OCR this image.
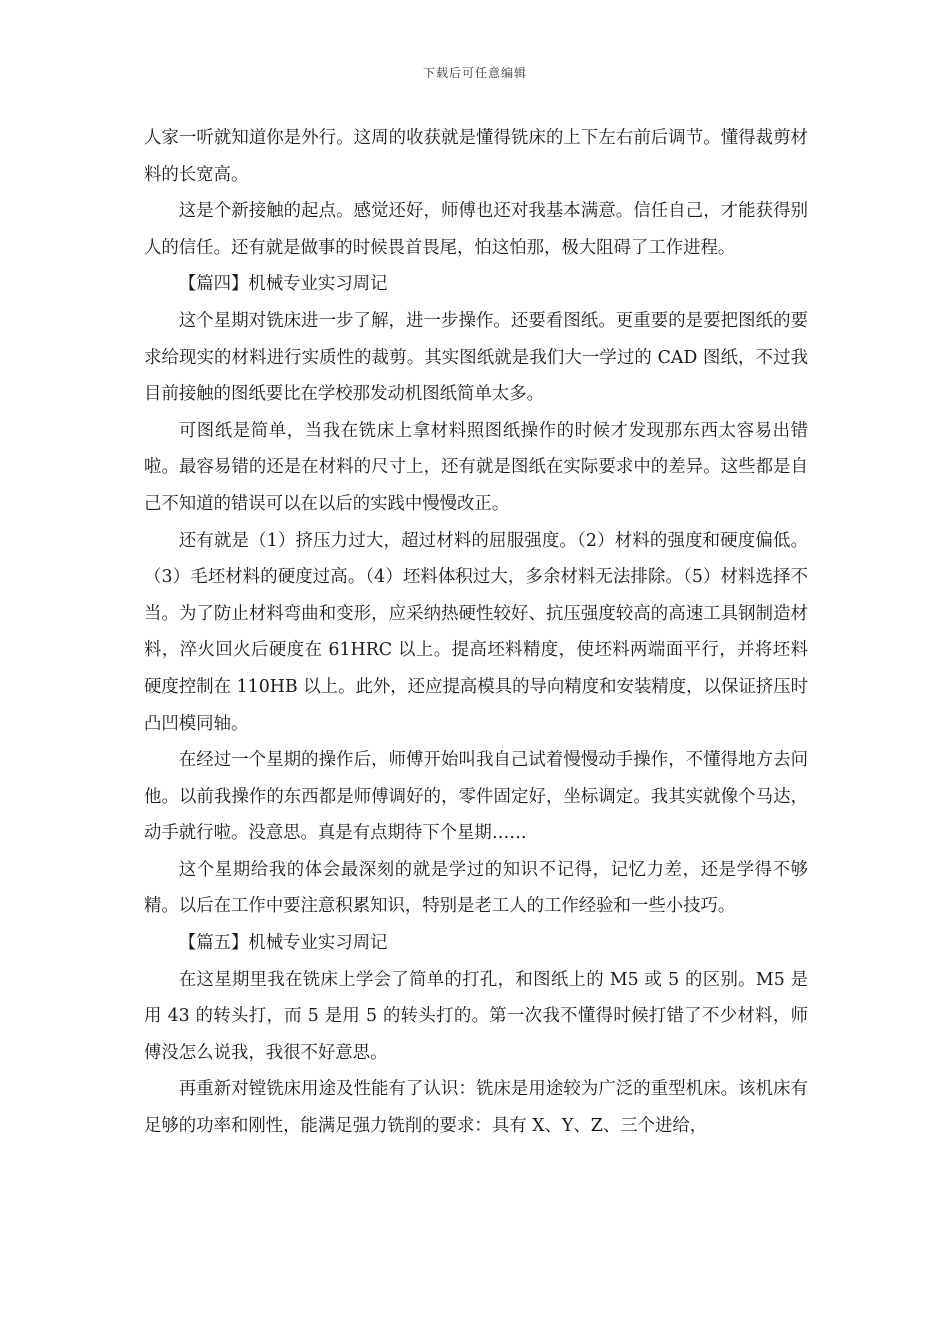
下载后可任意编辑

人家一听就知道你是外行。这周的收获就是懂得铣床的上下左右前后调节。懂得裁剪材料的长宽高。

这是个新接触的起点。感觉还好，师傅也还对我基本满意。信任自己，才能获得别人的信任。还有就是做事的时候畏首畏尾，怕这怕那，极大阻碍了工作进程。

【篇四】机械专业实习周记

这个星期对铣床进一步了解，进一步操作。还要看图纸。更重要的是要把图纸的要求给现实的材料进行实质性的裁剪。其实图纸就是我们大一学过的 CAD 图纸，不过我目前接触的图纸要比在学校那发动机图纸简单太多。

可图纸是简单，当我在铣床上拿材料照图纸操作的时候才发现那东西太容易出错啦。最容易错的还是在材料的尺寸上，还有就是图纸在实际要求中的差异。这些都是自己不知道的错误可以在以后的实践中慢慢改正。

还有就是（1）挤压力过大，超过材料的屈服强度。（2）材料的强度和硬度偏低。（3）毛坯材料的硬度过高。（4）坯料体积过大，多余材料无法排除。（5）材料选择不当。为了防止材料弯曲和变形，应采纳热硬性较好、抗压强度较高的高速工具钢制造材料，淬火回火后硬度在 61HRC 以上。提高坯料精度，使坯料两端面平行，并将坯料硬度控制在 110HB 以上。此外，还应提高模具的导向精度和安装精度，以保证挤压时凸凹模同轴。

在经过一个星期的操作后，师傅开始叫我自己试着慢慢动手操作，不懂得地方去问他。以前我操作的东西都是师傅调好的，零件固定好，坐标调定。我其实就像个马达，动手就行啦。没意思。真是有点期待下个星期……

这个星期给我的体会最深刻的就是学过的知识不记得，记忆力差，还是学得不够精。以后在工作中要注意积累知识，特别是老工人的工作经验和一些小技巧。

【篇五】机械专业实习周记

在这星期里我在铣床上学会了简单的打孔，和图纸上的 M5 或 5 的区别。M5 是用 43 的转头打，而 5 是用 5 的转头打的。第一次我不懂得时候打错了不少材料，师傅没怎么说我，我很不好意思。

再重新对镗铣床用途及性能有了认识：铣床是用途较为广泛的重型机床。该机床有足够的功率和刚性，能满足强力铣削的要求：具有 X、Y、Z、三个进给，
